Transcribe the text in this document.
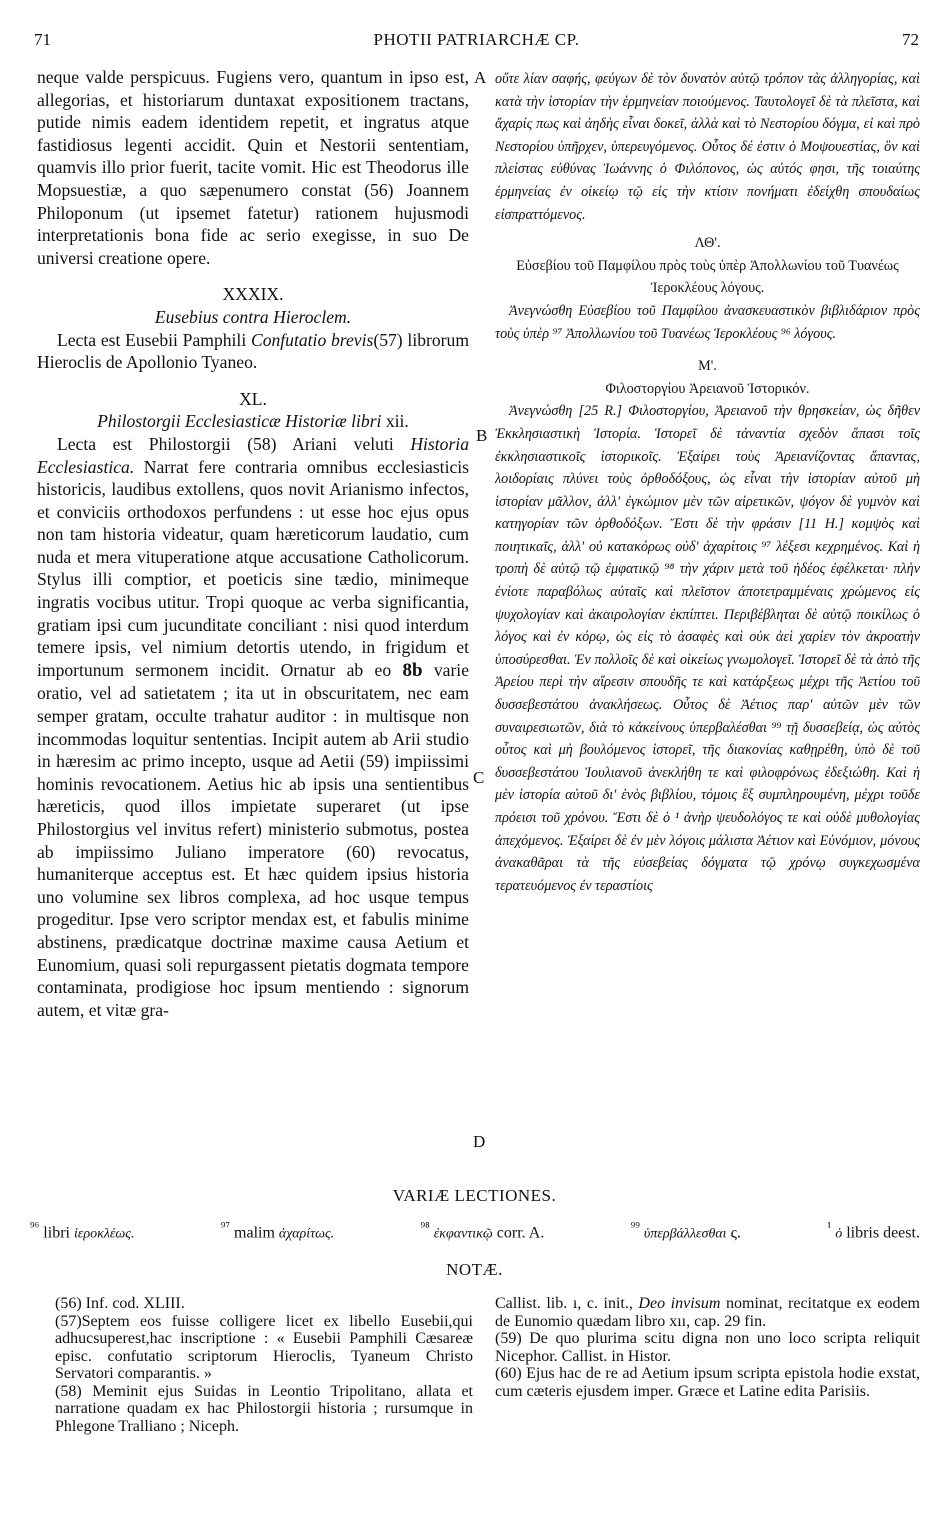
71	PHOTII PATRIARCHÆ CP.	72

neque valde perspicuus. Fugiens vero, quantum in ipso est, allegorias, et historiarum duntaxat expositionem tractans, putide nimis eadem identidem repetit, et ingratus atque fastidiosus legenti accidit. Quin et Nestorii sententiam, quamvis illo prior fuerit, tacite vomit. Hic est Theodorus ille Mopsuestiæ, a quo sæpenumero constat (56) Joannem Philoponum (ut ipsemet fatetur) rationem hujusmodi interpretationis bona fide ac serio exegisse, in suo De universi creatione opere.

XXXIX.

Eusebius contra Hieroclem.

Lecta est Eusebii Pamphili Confutatio brevis(57) librorum Hieroclis de Apollonio Tyaneo.

XL.

Philostorgii Ecclesiasticæ Historiæ libri xii.

Lecta est Philostorgii (58) Ariani veluti Historia Ecclesiastica. Narrat fere contraria omnibus ecclesiasticis historicis, laudibus extollens, quos novit Arianismo infectos, et conviciis orthodoxos perfundens : ut esse hoc ejus opus non tam historia videatur, quam hæreticorum laudatio, cum nuda et mera vituperatione atque accusatione Catholicorum. Stylus illi comptior, et poeticis sine tædio, minimeque ingratis vocibus utitur. Tropi quoque ac verba significantia, gratiam ipsi cum jucunditate conciliant : nisi quod interdum temere ipsis, vel nimium detortis utendo, in frigidum et importunum sermonem incidit. Ornatur ab eo 8b varie oratio, vel ad satietatem ; ita ut in obscuritatem, nec eam semper gratam, occulte trahatur auditor : in multisque non incommodas loquitur sententias. Incipit autem ab Arii studio in hæresim ac primo incepto, usque ad Aetii (59) impiissimi hominis revocationem. Aetius hic ab ipsis una sentientibus hæreticis, quod illos impietate superaret (ut ipse Philostorgius vel invitus refert) ministerio submotus, postea ab impiissimo Juliano imperatore (60) revocatus, humaniterque acceptus est. Et hæc quidem ipsius historia uno volumine sex libros complexa, ad hoc usque tempus progeditur. Ipse vero scriptor mendax est, et fabulis minime abstinens, prædicatque doctrinæ maxime causa Aetium et Eunomium, quasi soli repurgassent pietatis dogmata tempore contaminata, prodigiose hoc ipsum mentiendo : signorum autem, et vitæ gra-

A
B
C
D

οὔτε λίαν σαφής, φεύγων δὲ τὸν δυνατὸν αὐτῷ τρόπον τὰς ἀλληγορίας, καὶ κατὰ τὴν ἱστορίαν τὴν ἑρμηνείαν ποιούμενος. Ταυτολογεῖ δὲ τὰ πλεῖστα, καὶ ἄχαρίς πως καὶ ἀηδὴς εἶναι δοκεῖ, ἀλλὰ καὶ τὸ Νεστορίου δόγμα, εἰ καὶ πρὸ Νεστορίου ὑπῆρχεν, ὑπερευγόμενος. Οὗτος δέ ἐστιν ὁ Μοψουεστίας, ὃν καὶ πλείστας εὐθύνας Ἰωάννης ὁ Φιλόπονος, ὡς αὐτός φησι, τῆς τοιαύτης ἑρμηνείας ἐν οἰκείῳ τῷ εἰς τὴν κτίσιν πονήματι ἐδείχθη σπουδαίως εἰσπραττόμενος.

ΛΘ'.

Εὐσεβίου τοῦ Παμφίλου πρὸς τοὺς ὑπὲρ Ἀπολλωνίου τοῦ Τυανέως Ἱεροκλέους λόγους.

Ἀνεγνώσθη Εὐσεβίου τοῦ Παμφίλου ἀνασκευαστικὸν βιβλιδάριον πρὸς τοὺς ὑπὲρ ⁹⁷ Ἀπολλωνίου τοῦ Τυανέως Ἱεροκλέους ⁹⁶ λόγους.

Μ'.

Φιλοστοργίου Ἀρειανοῦ Ἱστορικόν.

Ἀνεγνώσθη [25 R.] Φιλοστοργίου, Ἀρειανοῦ τὴν θρησκείαν, ὡς δῆθεν Ἐκκλησιαστικὴ Ἱστορία. Ἱστορεῖ δὲ τἀναντία σχεδὸν ἅπασι τοῖς ἐκκλησιαστικοῖς ἱστορικοῖς. Ἐξαίρει τοὺς Ἀρειανίζοντας ἅπαντας, λοιδορίαις πλύνει τοὺς ὀρθοδόξους, ὡς εἶναι τὴν ἱστορίαν αὐτοῦ μὴ ἱστορίαν μᾶλλον, ἀλλ' ἐγκώμιον μὲν τῶν αἱρετικῶν, ψόγον δὲ γυμνὸν καὶ κατηγορίαν τῶν ὀρθοδόξων. Ἔστι δὲ τὴν φράσιν [11 H.] κομψὸς καὶ ποιητικαῖς, ἀλλ' οὐ κατακόρως οὐδ' ἀχαρίτοις ⁹⁷ λέξεσι κεχρημένος. Καὶ ἡ τροπὴ δὲ αὐτῷ τῷ ἐμφατικῷ ⁹⁸ τὴν χάριν μετὰ τοῦ ἡδέος ἐφέλκεται· πλὴν ἐνίοτε παραβόλως αὐταῖς καὶ πλεῖστον ἀποτετραμμέναις χρώμενος εἰς ψυχολογίαν καὶ ἀκαιρολογίαν ἐκπίπτει. Περιβέβληται δὲ αὐτῷ ποικίλως ὁ λόγος καὶ ἐν κόρῳ, ὡς εἰς τὸ ἀσαφὲς καὶ οὐκ ἀεὶ χαρίεν τὸν ἀκροατὴν ὑποσύρεσθαι. Ἐν πολλοῖς δὲ καὶ οἰκείως γνωμολογεῖ. Ἱστορεῖ δὲ τὰ ἀπὸ τῆς Ἀρείου περὶ τὴν αἵρεσιν σπουδῆς τε καὶ κατάρξεως μέχρι τῆς Ἀετίου τοῦ δυσσεβεστάτου ἀνακλήσεως. Οὗτος δὲ Ἀέτιος παρ' αὐτῶν μὲν τῶν συναιρεσιωτῶν, διὰ τὸ κἀκείνους ὑπερβαλέσθαι ⁹⁹ τῇ δυσσεβείᾳ, ὡς αὐτὸς οὗτος καὶ μὴ βουλόμενος ἱστορεῖ, τῆς διακονίας καθῃρέθη, ὑπὸ δὲ τοῦ δυσσεβεστάτου Ἰουλιανοῦ ἀνεκλήθη τε καὶ φιλοφρόνως ἐδεξιώθη. Καὶ ἡ μὲν ἱστορία αὐτοῦ δι' ἑνὸς βιβλίου, τόμοις ἓξ συμπληρουμένη, μέχρι τοῦδε πρόεισι τοῦ χρόνου. Ἔστι δὲ ὁ ¹ ἀνὴρ ψευδολόγος τε καὶ οὐδὲ μυθολογίας ἀπεχόμενος. Ἐξαίρει δὲ ἐν μὲν λόγοις μάλιστα Ἀέτιον καὶ Εὐνόμιον, μόνους ἀνακαθᾶραι τὰ τῆς εὐσεβείας δόγματα τῷ χρόνῳ συγκεχωσμένα τερατευόμενος ἐν τεραστίοις

VARIÆ LECTIONES.
$^{^{96}}$ libri ἱεροκλέως.	$^{^{97}}$ malim ἀχαρίτως.	$^{^{98}}$ ἐκφαντικῷ corr. A.	$^{^{99}}$ ὑπερβάλλεσθαι ς.	$^{^1}$ ὁ libris deest.
NOTÆ.

(56) Inf. cod. XLIII.

(57)Septem eos fuisse colligere licet ex libello Eusebii,qui adhucsuperest,hac inscriptione : « Eusebii Pamphili Cæsareæ episc. confutatio scriptorum Hieroclis, Tyaneum Christo Servatori comparantis. »

(58) Meminit ejus Suidas in Leontio Tripolitano, allata et narratione quadam ex hac Philostorgii historia ; rursumque in Phlegone Tralliano ; Niceph.

Callist. lib. ı, c. init., Deo invisum nominat, recitatque ex eodem de Eunomio quædam libro xıı, cap. 29 fin.

(59) De quo plurima scitu digna non uno loco scripta reliquit Nicephor. Callist. in Histor.

(60) Ejus hac de re ad Aetium ipsum scripta epistola hodie exstat, cum cæteris ejusdem imper. Græce et Latine edita Parisiis.
